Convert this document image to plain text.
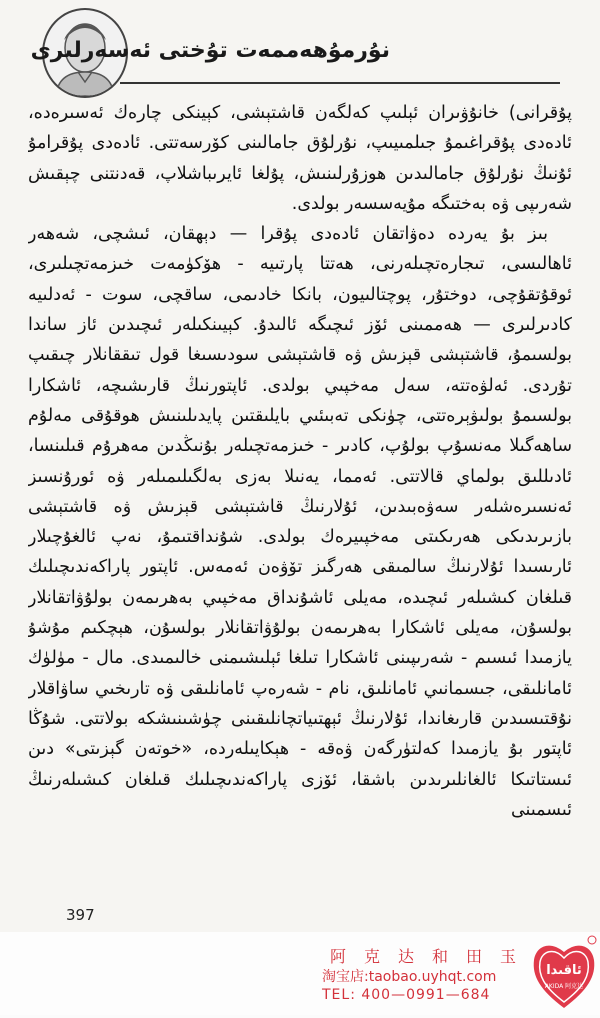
نۇرمۇھەممەت تۇختى ئەسەرلىرى

پۇقرانى) خانۇۋىران ئېلىپ كەلگەن قاشتېشى، كېينكى چارەك ئەسىرەدە، ئادەدى پۇقراغىمۇ جىلمىيىپ، نۇرلۇق جامالىنى كۆرسەتتى. ئادەدى پۇقرامۇ ئۇنىڭ نۇرلۇق جامالىدىن ھوزۇرلىنىش، پۇلغا ئايرىباشلاپ، قەدنتنى چېقىش شەرىپى ۋە بەختىگە مۇيەسسەر بولدى.

بىز بۇ يەردە دەۋاتقان ئادەدى پۇقرا — دېھقان، ئىشچى، شەھەر ئاھالىسى، تىجارەتچىلەرنى، ھەتتا پارتىيە - ھۆكۈمەت خىزمەتچىلىرى، ئوقۇتقۇچى، دوختۇر، پوچتالىيون، بانكا خادىمى، ساقچى، سوت - ئەدلىيە كادىرلىرى — ھەممىنى ئۆز ئىچىگە ئالىدۇ. كېيىنكىلەر ئىچىدىن ئاز ساندا بولسىمۇ، قاشتېشى قېزىش ۋە قاشتېشى سودىسىغا قول تىققانلار چىقىپ تۇردى. ئەلۋەتتە، سەل مەخپىي بولدى. ئاپتورنىڭ قارىشىچە، ئاشكارا بولسىمۇ بولىۋېرەتتى، چۈنكى تەبىئىي بايلىقتىن پايدىلىنىش ھوقۇقى مەلۇم ساھەگىلا مەنسۇپ بولۇپ، كادىر - خىزمەتچىلەر بۇنىڭدىن مەھرۇم قىلىنسا، ئادىللىق بولماي قالاتتى. ئەمما، يەنىلا بەزى بەلگىلىمىلەر ۋە ئورۇنسىز ئەنسىرەشلەر سەۋەبىدىن، ئۇلارنىڭ قاشتېشى قېزىش ۋە قاشتېشى بازىرىدىكى ھەرىكىتى مەخپىيرەك بولدى. شۇنداقتىمۇ، نەپ ئالغۇچىلار ئارىسىدا ئۇلارنىڭ سالمىقى ھەرگىز تۆۋەن ئەمەس. ئاپتور پاراكەندىچىلىك قىلغان كىشىلەر ئىچىدە، مەيلى ئاشۇنداق مەخپىي بەھرىمەن بولۇۋاتقانلار بولسۇن، مەيلى ئاشكارا بەھرىمەن بولۇۋاتقانلار بولسۇن، ھېچكىم مۇشۇ يازمىدا ئىسىم - شەرىپىنى ئاشكارا تىلغا ئېلىشىمنى خالىمىدى. مال - مۈلۈك ئامانلىقى، جىسمانىي ئامانلىق، نام - شەرەپ ئامانلىقى ۋە تارىخىي ساۋاقلار نۇقتىسىدىن قارىغاندا، ئۇلارنىڭ ئېھتىياتچانلىقىنى چۈشىنىشكە بولاتتى. شۇڭا ئاپتور بۇ يازمىدا كەلتۈرگەن ۋەقە - ھېكايىلەردە، «خوتەن گېزىتى» دىن ئىستاتىكا ئالغانلىرىدىن باشقا، ئۆزى پاراكەندىچىلىك قىلغان كىشىلەرنىڭ ئىسمىنى

397
阿克达和田玉
淘宝店:taobao.uyhqt.com
TEL: 400—0991—684
ئاقىدا
AKIDA 阿克达
